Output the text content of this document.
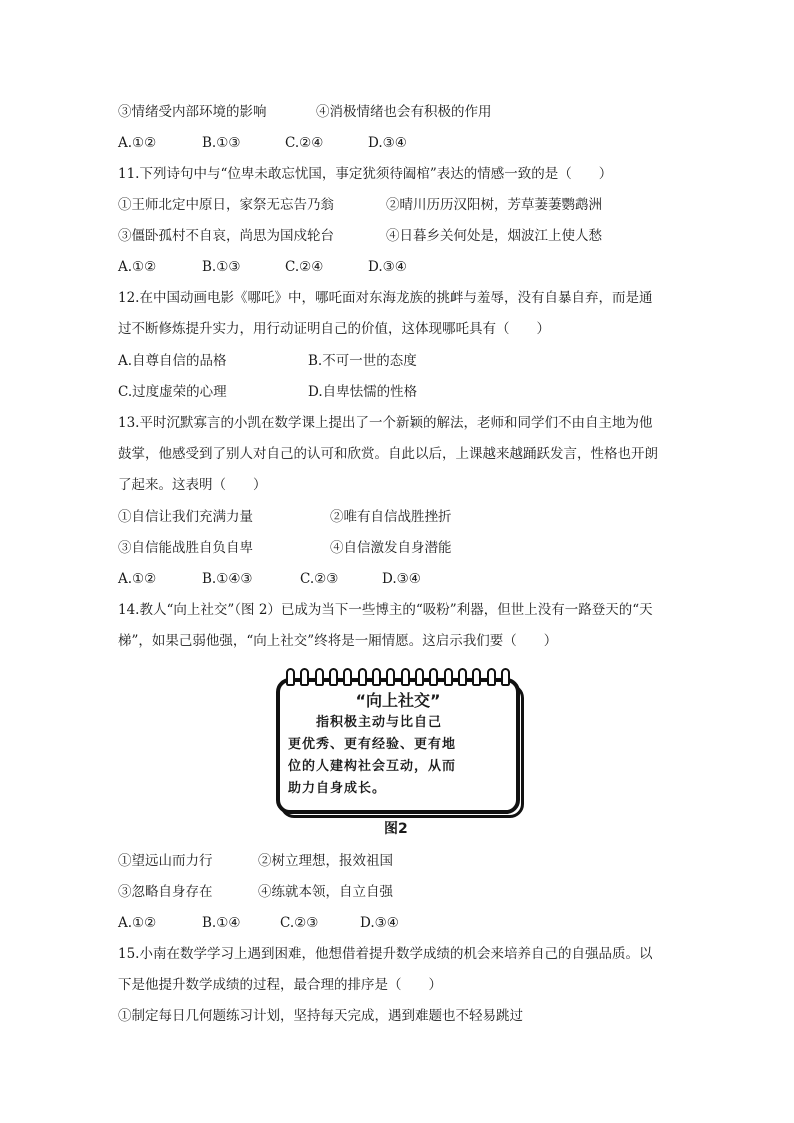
③情绪受内部环境的影响	④消极情绪也会有积极的作用
A.①②	B.①③	C.②④	D.③④
11.下列诗句中与“位卑未敢忘忧国，事定犹须待阖棺”表达的情感一致的是（　　）
①王师北定中原日，家祭无忘告乃翁	②晴川历历汉阳树，芳草萋萋鹦鹉洲
③僵卧孤村不自哀，尚思为国戍轮台	④日暮乡关何处是，烟波江上使人愁
A.①②	B.①③	C.②④	D.③④
12.在中国动画电影《哪吒》中，哪吒面对东海龙族的挑衅与羞辱，没有自暴自弃，而是通
过不断修炼提升实力，用行动证明自己的价值，这体现哪吒具有（　　）
A.自尊自信的品格	B.不可一世的态度
C.过度虚荣的心理	D.自卑怯懦的性格
13.平时沉默寡言的小凯在数学课上提出了一个新颖的解法，老师和同学们不由自主地为他
鼓掌，他感受到了别人对自己的认可和欣赏。自此以后，上课越来越踊跃发言，性格也开朗
了起来。这表明（　　）
①自信让我们充满力量	②唯有自信战胜挫折
③自信能战胜自负自卑	④自信激发自身潜能
A.①②	B.①④③	C.②③	D.③④
14.教人“向上社交”（图 2）已成为当下一些博主的“吸粉”利器，但世上没有一路登天的“天
梯”，如果己弱他强，“向上社交”终将是一厢情愿。这启示我们要（　　）
“向上社交”
　　指积极主动与比自己
更优秀、更有经验、更有地
位的人建构社会互动，从而
助力自身成长。
图2
①望远山而力行	②树立理想，报效祖国
③忽略自身存在	④练就本领，自立自强
A.①②	B.①④	C.②③	D.③④
15.小南在数学学习上遇到困难，他想借着提升数学成绩的机会来培养自己的自强品质。以
下是他提升数学成绩的过程，最合理的排序是（　　）
①制定每日几何题练习计划，坚持每天完成，遇到难题也不轻易跳过
